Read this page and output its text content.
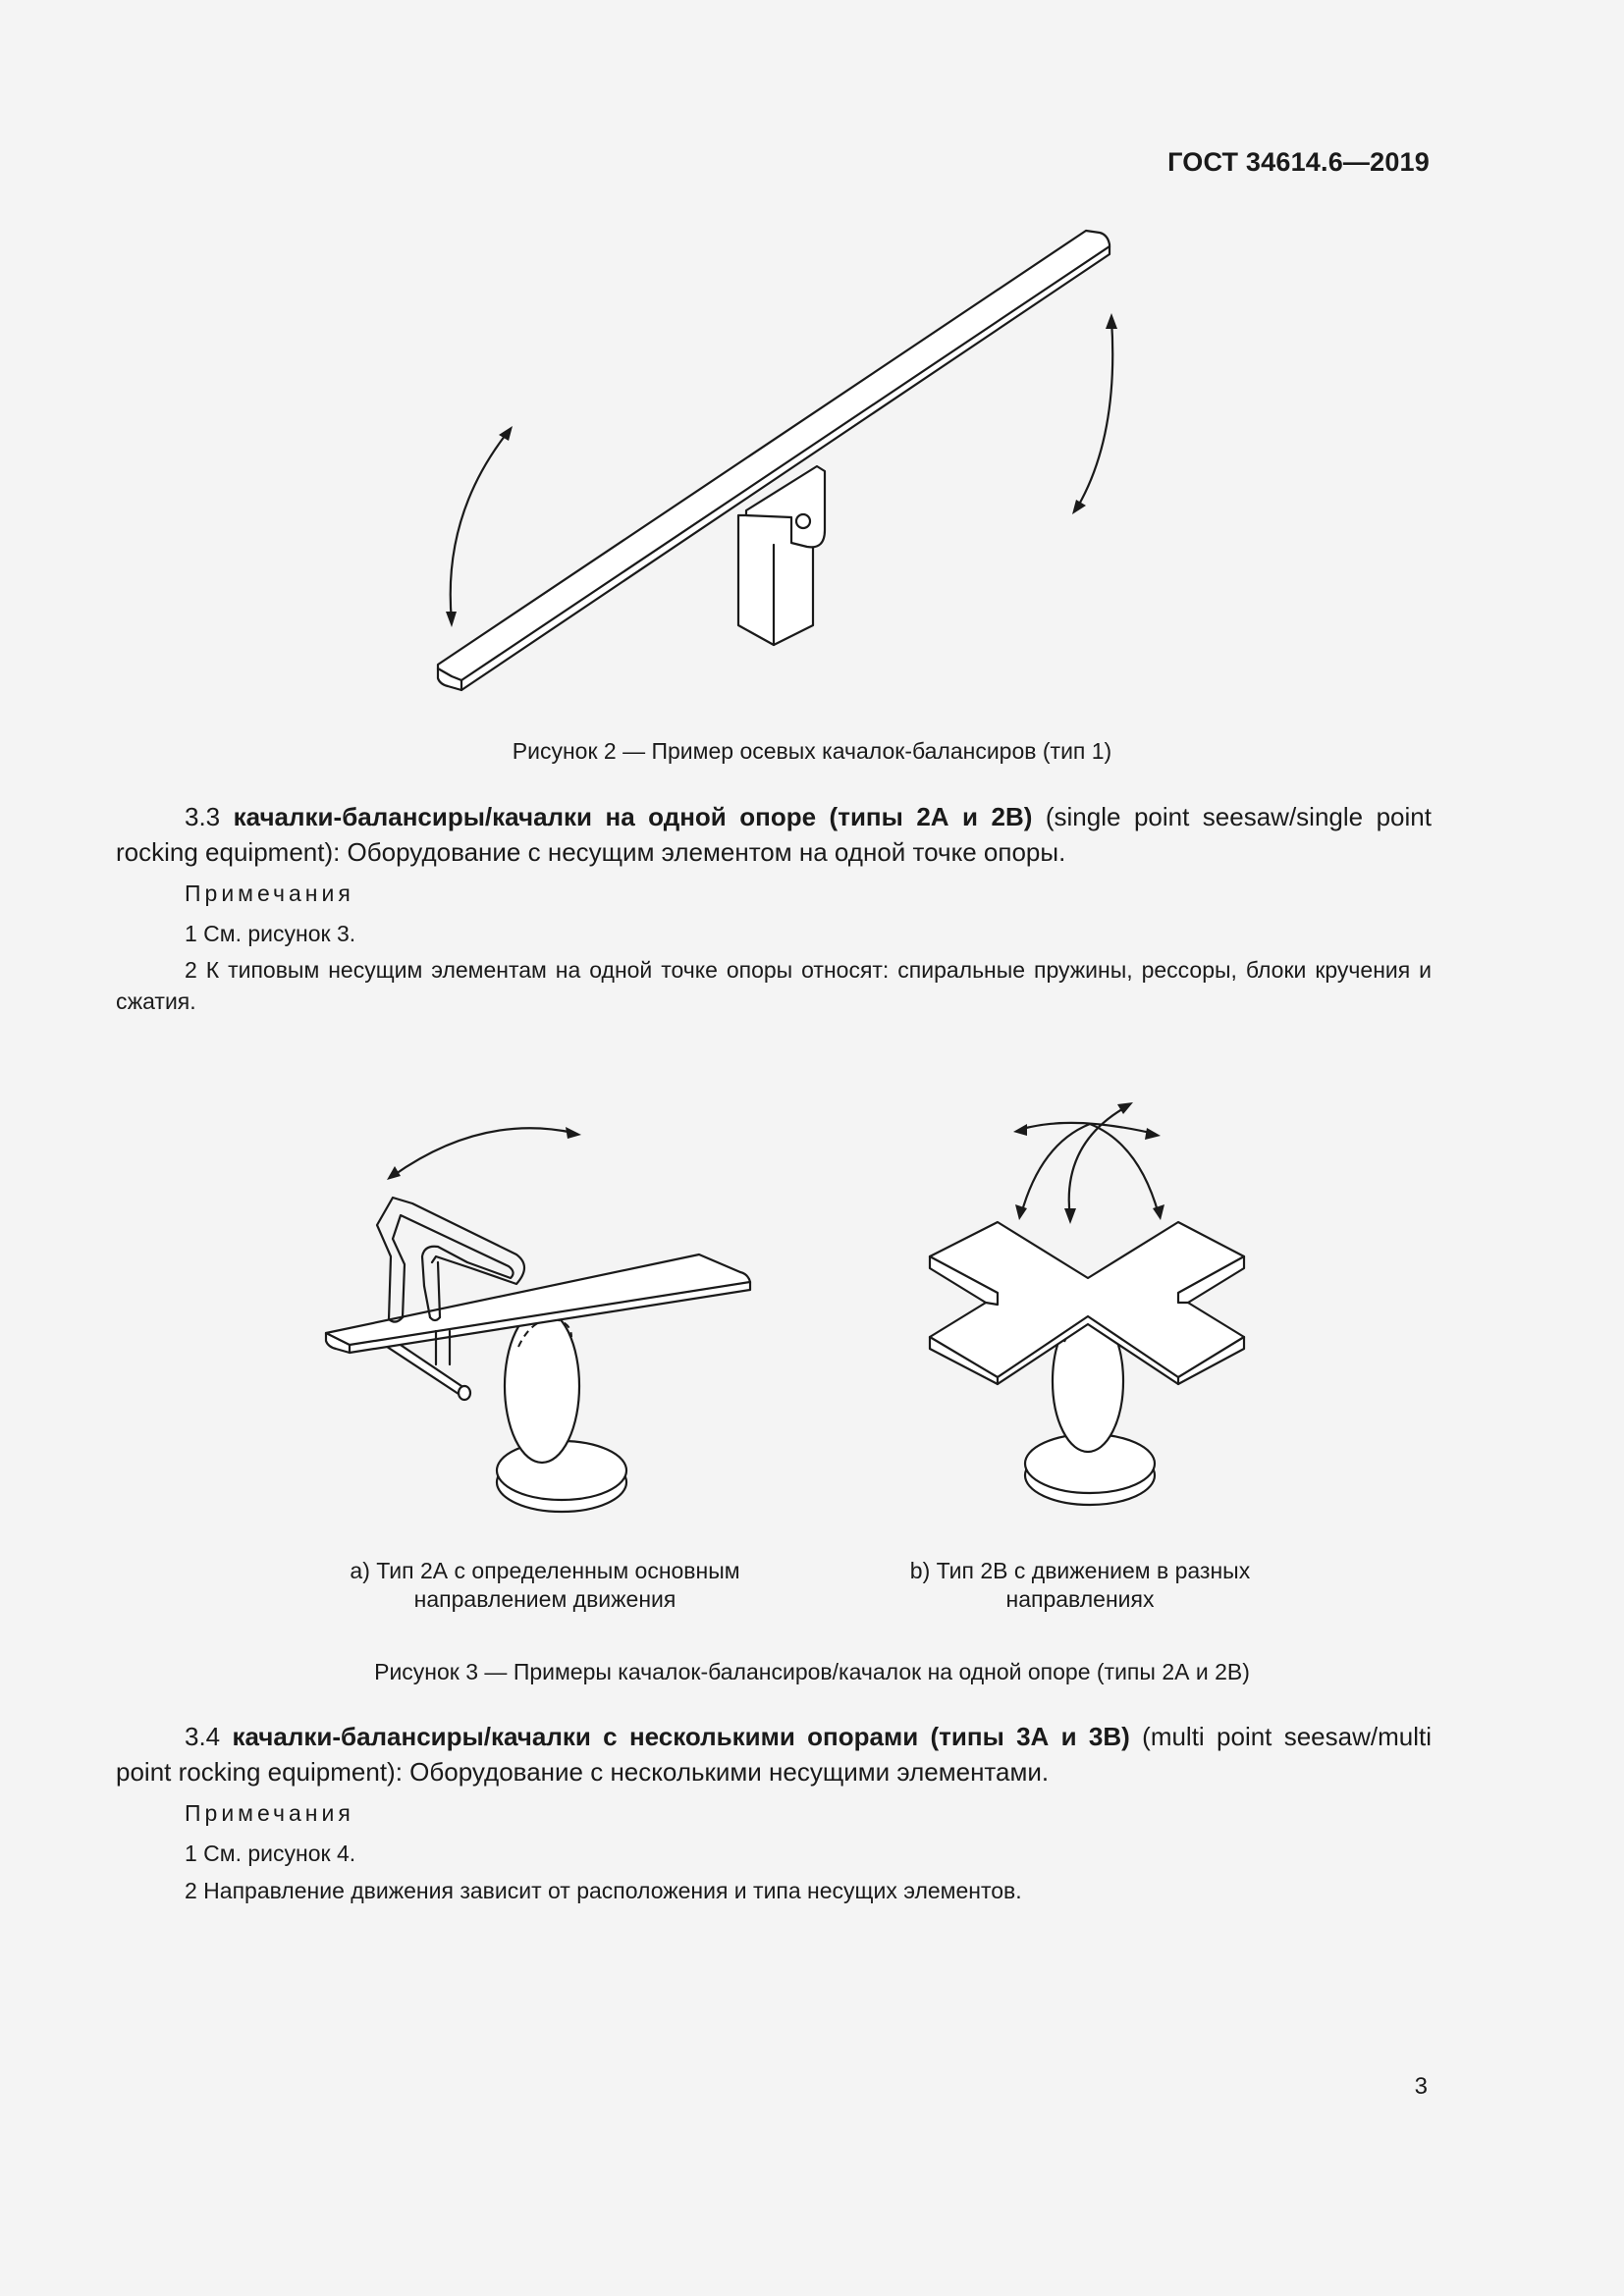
ГОСТ 34614.6—2019
Рисунок 2 — Пример осевых качалок-балансиров (тип 1)
3.3 качалки-балансиры/качалки на одной опоре (типы 2А и 2В) (single point seesaw/single point rocking equipment): Оборудование с несущим элементом на одной точке опоры.
Примечания
1 См. рисунок 3.
2 К типовым несущим элементам на одной точке опоры относят: спиральные пружины, рессоры, блоки кручения и сжатия.
а) Тип 2А с определенным основным
направлением движения
b) Тип 2В с движением в разных
направлениях
Рисунок 3 — Примеры качалок-балансиров/качалок на одной опоре (типы 2А и 2В)
3.4 качалки-балансиры/качалки с несколькими опорами (типы 3А и 3В) (multi point seesaw/multi point rocking equipment): Оборудование с несколькими несущими элементами.
Примечания
1 См. рисунок 4.
2 Направление движения зависит от расположения и типа несущих элементов.
3
